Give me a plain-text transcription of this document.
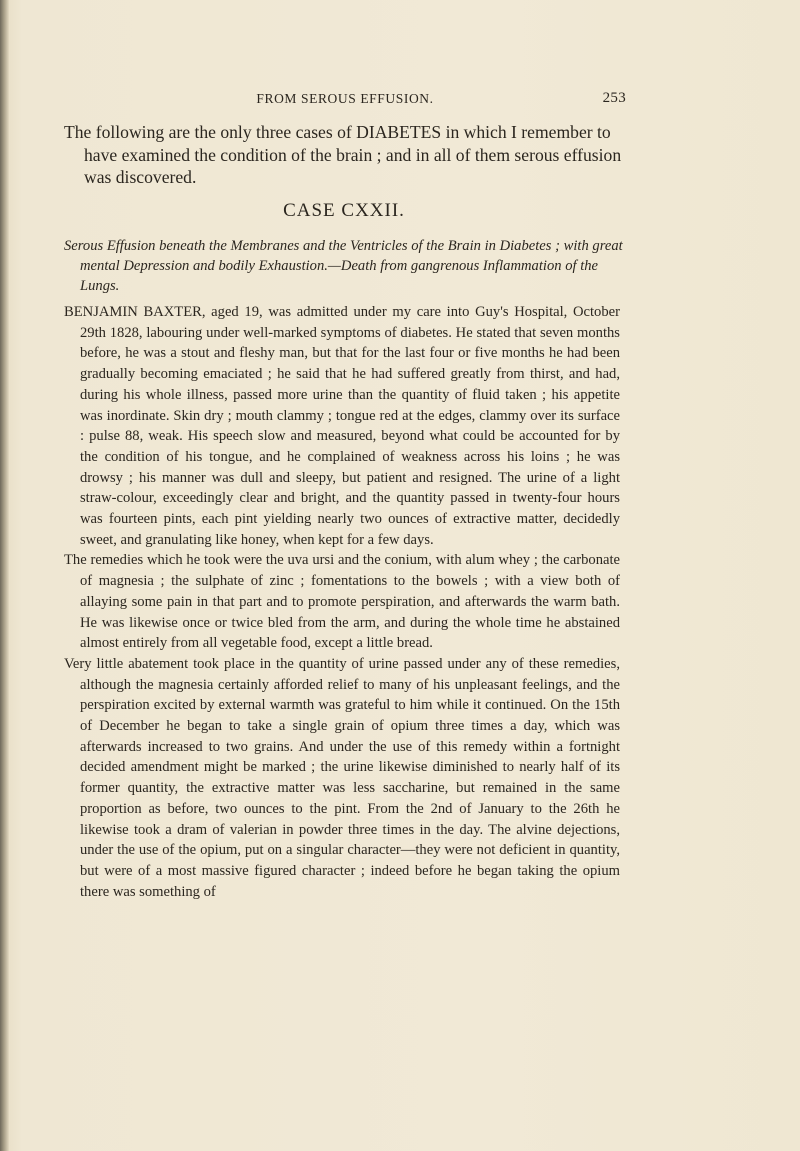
FROM SEROUS EFFUSION.	253

The following are the only three cases of DIABETES in which I remember to have examined the condition of the brain ; and in all of them serous effusion was discovered.

CASE CXXII.

Serous Effusion beneath the Membranes and the Ventricles of the Brain in Diabetes ; with great mental Depression and bodily Exhaustion.—Death from gangrenous Inflammation of the Lungs.

BENJAMIN BAXTER, aged 19, was admitted under my care into Guy's Hospital, October 29th 1828, labouring under well-marked symptoms of diabetes. He stated that seven months before, he was a stout and fleshy man, but that for the last four or five months he had been gradually becoming emaciated ; he said that he had suffered greatly from thirst, and had, during his whole illness, passed more urine than the quantity of fluid taken ; his appetite was inordinate. Skin dry ; mouth clammy ; tongue red at the edges, clammy over its surface : pulse 88, weak. His speech slow and measured, beyond what could be accounted for by the condition of his tongue, and he complained of weakness across his loins ; he was drowsy ; his manner was dull and sleepy, but patient and resigned. The urine of a light straw-colour, exceedingly clear and bright, and the quantity passed in twenty-four hours was fourteen pints, each pint yielding nearly two ounces of extractive matter, decidedly sweet, and granulating like honey, when kept for a few days.

The remedies which he took were the uva ursi and the conium, with alum whey ; the carbonate of magnesia ; the sulphate of zinc ; fomentations to the bowels ; with a view both of allaying some pain in that part and to promote perspiration, and afterwards the warm bath. He was likewise once or twice bled from the arm, and during the whole time he abstained almost entirely from all vegetable food, except a little bread.

Very little abatement took place in the quantity of urine passed under any of these remedies, although the magnesia certainly afforded relief to many of his unpleasant feelings, and the perspiration excited by external warmth was grateful to him while it continued. On the 15th of December he began to take a single grain of opium three times a day, which was afterwards increased to two grains. And under the use of this remedy within a fortnight decided amendment might be marked ; the urine likewise diminished to nearly half of its former quantity, the extractive matter was less saccharine, but remained in the same proportion as before, two ounces to the pint. From the 2nd of January to the 26th he likewise took a dram of valerian in powder three times in the day. The alvine dejections, under the use of the opium, put on a singular character—they were not deficient in quantity, but were of a most massive figured character ; indeed before he began taking the opium there was something of
